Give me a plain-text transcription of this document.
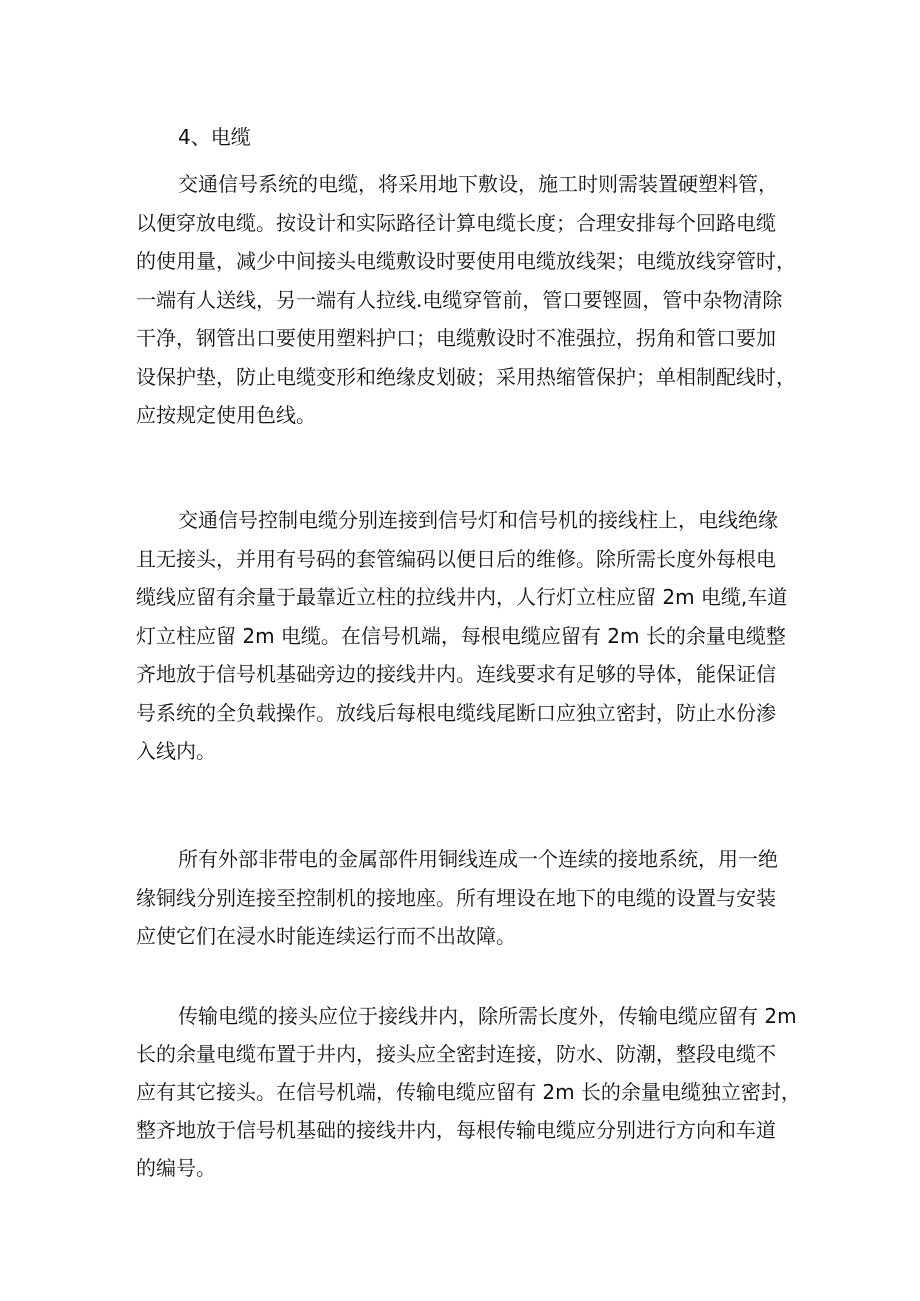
4、电缆
交通信号系统的电缆，将采用地下敷设，施工时则需装置硬塑料管，
以便穿放电缆。按设计和实际路径计算电缆长度；合理安排每个回路电缆
的使用量，减少中间接头电缆敷设时要使用电缆放线架；电缆放线穿管时，
一端有人送线，另一端有人拉线.电缆穿管前，管口要铿圆，管中杂物清除
干净，钢管出口要使用塑料护口；电缆敷设时不准强拉，拐角和管口要加
设保护垫，防止电缆变形和绝缘皮划破；采用热缩管保护；单相制配线时，
应按规定使用色线。
交通信号控制电缆分别连接到信号灯和信号机的接线柱上，电线绝缘
且无接头，并用有号码的套管编码以便日后的维修。除所需长度外每根电
缆线应留有余量于最靠近立柱的拉线井内，人行灯立柱应留 2m 电缆,车道
灯立柱应留 2m 电缆。在信号机端，每根电缆应留有 2m 长的余量电缆整
齐地放于信号机基础旁边的接线井内。连线要求有足够的导体，能保证信
号系统的全负载操作。放线后每根电缆线尾断口应独立密封，防止水份渗
入线内。
所有外部非带电的金属部件用铜线连成一个连续的接地系统，用一绝
缘铜线分别连接至控制机的接地座。所有埋设在地下的电缆的设置与安装
应使它们在浸水时能连续运行而不出故障。
传输电缆的接头应位于接线井内，除所需长度外，传输电缆应留有 2m
长的余量电缆布置于井内，接头应全密封连接，防水、防潮，整段电缆不
应有其它接头。在信号机端，传输电缆应留有 2m 长的余量电缆独立密封，
整齐地放于信号机基础的接线井内，每根传输电缆应分别进行方向和车道
的编号。
